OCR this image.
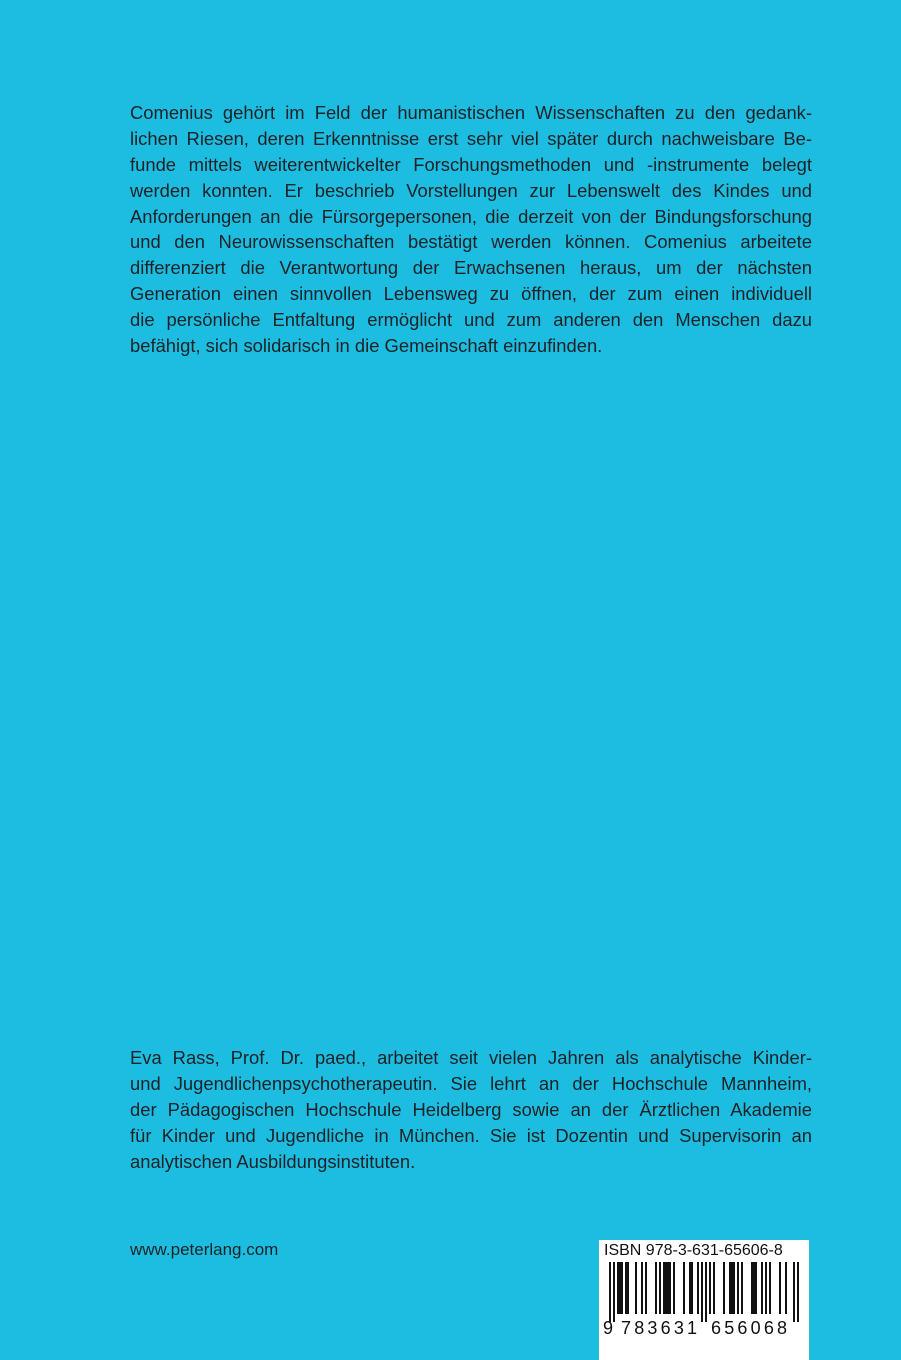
Comenius gehört im Feld der humanistischen Wissenschaften zu den gedank-
lichen Riesen, deren Erkenntnisse erst sehr viel später durch nachweisbare Be-
funde mittels weiterentwickelter Forschungsmethoden und -instrumente belegt
werden konnten. Er beschrieb Vorstellungen zur Lebenswelt des Kindes und
Anforderungen an die Fürsorgepersonen, die derzeit von der Bindungsforschung
und den Neurowissenschaften bestätigt werden können. Comenius arbeitete
differenziert die Verantwortung der Erwachsenen heraus, um der nächsten
Generation einen sinnvollen Lebensweg zu öffnen, der zum einen individuell
die persönliche Entfaltung ermöglicht und zum anderen den Menschen dazu
befähigt, sich solidarisch in die Gemeinschaft einzufinden.
Eva Rass, Prof. Dr. paed., arbeitet seit vielen Jahren als analytische Kinder-
und Jugendlichenpsychotherapeutin. Sie lehrt an der Hochschule Mannheim,
der Pädagogischen Hochschule Heidelberg sowie an der Ärztlichen Akademie
für Kinder und Jugendliche in München. Sie ist Dozentin und Supervisorin an
analytischen Ausbildungsinstituten.
www.peterlang.com	ISBN 978-3-631-65606-8
9 783631 656068
